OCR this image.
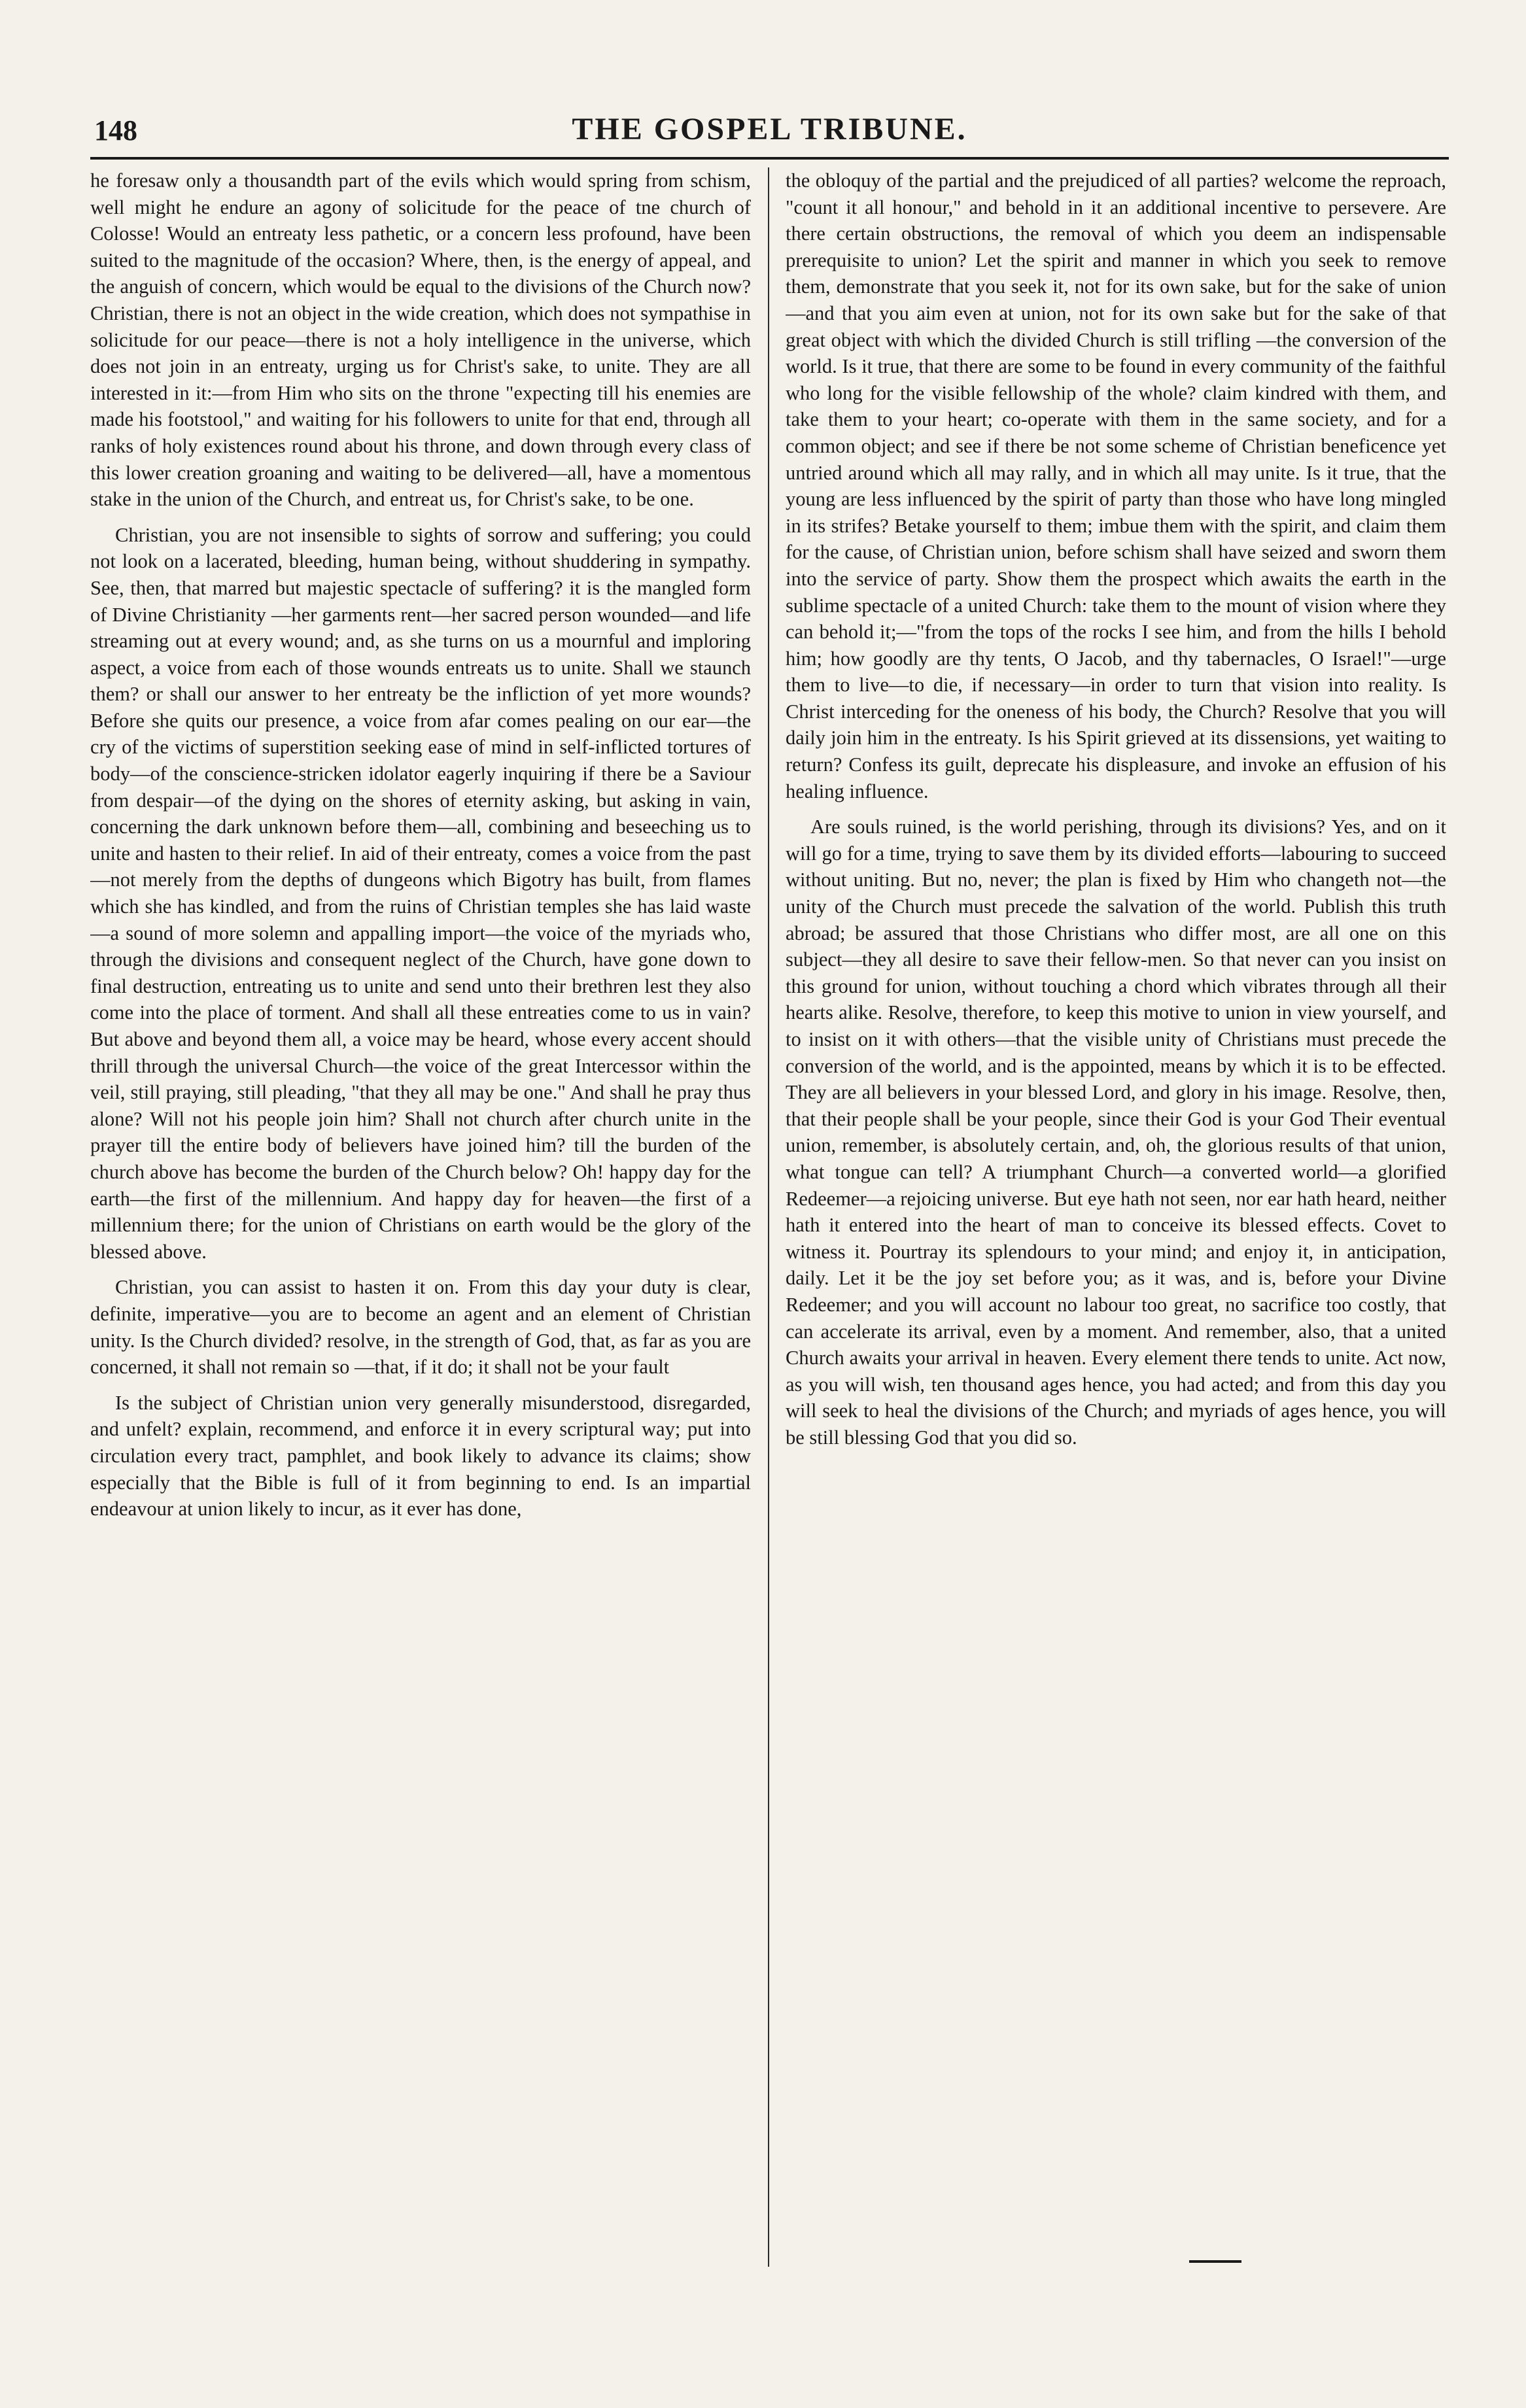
148	THE GOSPEL TRIBUNE.

he foresaw only a thousandth part of the evils which would spring from schism, well might he endure an agony of solicitude for the peace of tne church of Colosse! Would an entreaty less pathetic, or a concern less profound, have been suited to the magnitude of the occasion? Where, then, is the energy of appeal, and the anguish of concern, which would be equal to the divisions of the Church now? Christian, there is not an object in the wide creation, which does not sympathise in solicitude for our peace—there is not a holy intelligence in the universe, which does not join in an entreaty, urging us for Christ's sake, to unite. They are all interested in it:—from Him who sits on the throne "expecting till his enemies are made his footstool," and waiting for his followers to unite for that end, through all ranks of holy existences round about his throne, and down through every class of this lower creation groaning and waiting to be delivered—all, have a momentous stake in the union of the Church, and entreat us, for Christ's sake, to be one.

Christian, you are not insensible to sights of sorrow and suffering; you could not look on a lacerated, bleeding, human being, without shuddering in sympathy. See, then, that marred but majestic spectacle of suffering? it is the mangled form of Divine Christianity —her garments rent—her sacred person wounded—and life streaming out at every wound; and, as she turns on us a mournful and imploring aspect, a voice from each of those wounds entreats us to unite. Shall we staunch them? or shall our answer to her entreaty be the infliction of yet more wounds? Before she quits our presence, a voice from afar comes pealing on our ear—the cry of the victims of superstition seeking ease of mind in self-inflicted tortures of body—of the conscience-stricken idolator eagerly inquiring if there be a Saviour from despair—of the dying on the shores of eternity asking, but asking in vain, concerning the dark unknown before them—all, combining and beseeching us to unite and hasten to their relief. In aid of their entreaty, comes a voice from the past—not merely from the depths of dungeons which Bigotry has built, from flames which she has kindled, and from the ruins of Christian temples she has laid waste —a sound of more solemn and appalling import—the voice of the myriads who, through the divisions and consequent neglect of the Church, have gone down to final destruction, entreating us to unite and send unto their brethren lest they also come into the place of torment. And shall all these entreaties come to us in vain? But above and beyond them all, a voice may be heard, whose every accent should thrill through the universal Church—the voice of the great Intercessor within the veil, still praying, still pleading, "that they all may be one." And shall he pray thus alone? Will not his people join him? Shall not church after church unite in the prayer till the entire body of believers have joined him? till the burden of the church above has become the burden of the Church below? Oh! happy day for the earth—the first of the millennium. And happy day for heaven—the first of a millennium there; for the union of Christians on earth would be the glory of the blessed above.

Christian, you can assist to hasten it on. From this day your duty is clear, definite, imperative—you are to become an agent and an element of Christian unity. Is the Church divided? resolve, in the strength of God, that, as far as you are concerned, it shall not remain so —that, if it do; it shall not be your fault

Is the subject of Christian union very generally misunderstood, disregarded, and unfelt? explain, recommend, and enforce it in every scriptural way; put into circulation every tract, pamphlet, and book likely to advance its claims; show especially that the Bible is full of it from beginning to end. Is an impartial endeavour at union likely to incur, as it ever has done,

the obloquy of the partial and the prejudiced of all parties? welcome the reproach, "count it all honour," and behold in it an additional incentive to persevere. Are there certain obstructions, the removal of which you deem an indispensable prerequisite to union? Let the spirit and manner in which you seek to remove them, demonstrate that you seek it, not for its own sake, but for the sake of union—and that you aim even at union, not for its own sake but for the sake of that great object with which the divided Church is still trifling —the conversion of the world. Is it true, that there are some to be found in every community of the faithful who long for the visible fellowship of the whole? claim kindred with them, and take them to your heart; co-operate with them in the same society, and for a common object; and see if there be not some scheme of Christian beneficence yet untried around which all may rally, and in which all may unite. Is it true, that the young are less influenced by the spirit of party than those who have long mingled in its strifes? Betake yourself to them; imbue them with the spirit, and claim them for the cause, of Christian union, before schism shall have seized and sworn them into the service of party. Show them the prospect which awaits the earth in the sublime spectacle of a united Church: take them to the mount of vision where they can behold it;—"from the tops of the rocks I see him, and from the hills I behold him; how goodly are thy tents, O Jacob, and thy tabernacles, O Israel!"—urge them to live—to die, if necessary—in order to turn that vision into reality. Is Christ interceding for the oneness of his body, the Church? Resolve that you will daily join him in the entreaty. Is his Spirit grieved at its dissensions, yet waiting to return? Confess its guilt, deprecate his displeasure, and invoke an effusion of his healing influence.

Are souls ruined, is the world perishing, through its divisions? Yes, and on it will go for a time, trying to save them by its divided efforts—labouring to succeed without uniting. But no, never; the plan is fixed by Him who changeth not—the unity of the Church must precede the salvation of the world. Publish this truth abroad; be assured that those Christians who differ most, are all one on this subject—they all desire to save their fellow-men. So that never can you insist on this ground for union, without touching a chord which vibrates through all their hearts alike. Resolve, therefore, to keep this motive to union in view yourself, and to insist on it with others—that the visible unity of Christians must precede the conversion of the world, and is the appointed, means by which it is to be effected. They are all believers in your blessed Lord, and glory in his image. Resolve, then, that their people shall be your people, since their God is your God Their eventual union, remember, is absolutely certain, and, oh, the glorious results of that union, what tongue can tell? A triumphant Church—a converted world—a glorified Redeemer—a rejoicing universe. But eye hath not seen, nor ear hath heard, neither hath it entered into the heart of man to conceive its blessed effects. Covet to witness it. Pourtray its splendours to your mind; and enjoy it, in anticipation, daily. Let it be the joy set before you; as it was, and is, before your Divine Redeemer; and you will account no labour too great, no sacrifice too costly, that can accelerate its arrival, even by a moment. And remember, also, that a united Church awaits your arrival in heaven. Every element there tends to unite. Act now, as you will wish, ten thousand ages hence, you had acted; and from this day you will seek to heal the divisions of the Church; and myriads of ages hence, you will be still blessing God that you did so.
